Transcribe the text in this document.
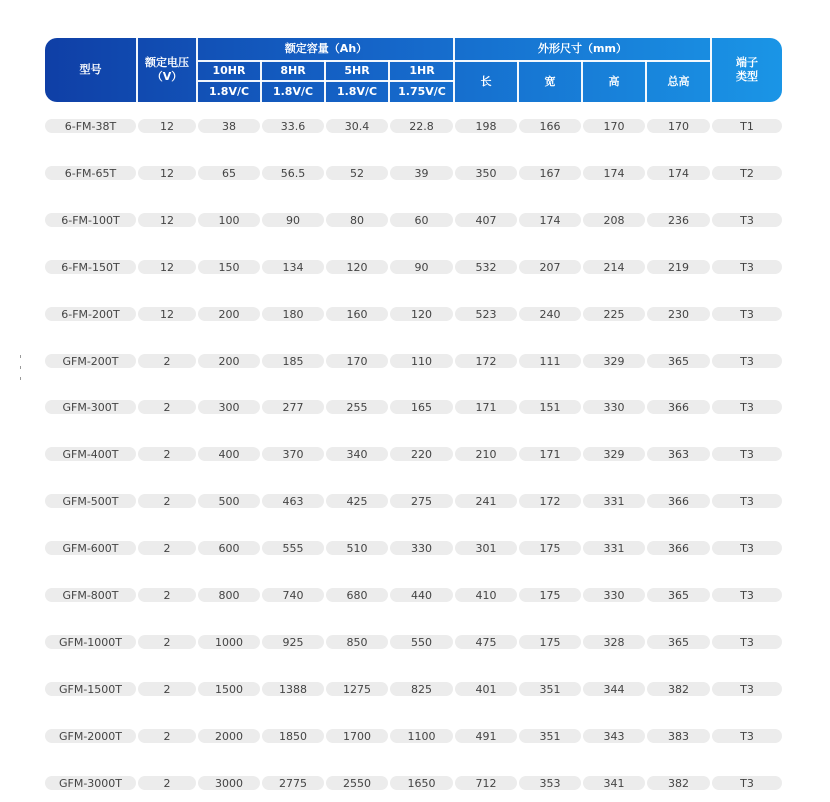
型号
额定电压
（V）
额定容量（Ah）
10HR	8HR	5HR	1HR
1.8V/C	1.8V/C	1.8V/C	1.75V/C
外形尺寸（mm）
长	宽	高	总高
端子
类型
6-FM-38T	12	38	33.6	30.4	22.8	198	166	170	170	T1
6-FM-65T	12	65	56.5	52	39	350	167	174	174	T2
6-FM-100T	12	100	90	80	60	407	174	208	236	T3
6-FM-150T	12	150	134	120	90	532	207	214	219	T3
6-FM-200T	12	200	180	160	120	523	240	225	230	T3
GFM-200T	2	200	185	170	110	172	111	329	365	T3
GFM-300T	2	300	277	255	165	171	151	330	366	T3
GFM-400T	2	400	370	340	220	210	171	329	363	T3
GFM-500T	2	500	463	425	275	241	172	331	366	T3
GFM-600T	2	600	555	510	330	301	175	331	366	T3
GFM-800T	2	800	740	680	440	410	175	330	365	T3
GFM-1000T	2	1000	925	850	550	475	175	328	365	T3
GFM-1500T	2	1500	1388	1275	825	401	351	344	382	T3
GFM-2000T	2	2000	1850	1700	1100	491	351	343	383	T3
GFM-3000T	2	3000	2775	2550	1650	712	353	341	382	T3
